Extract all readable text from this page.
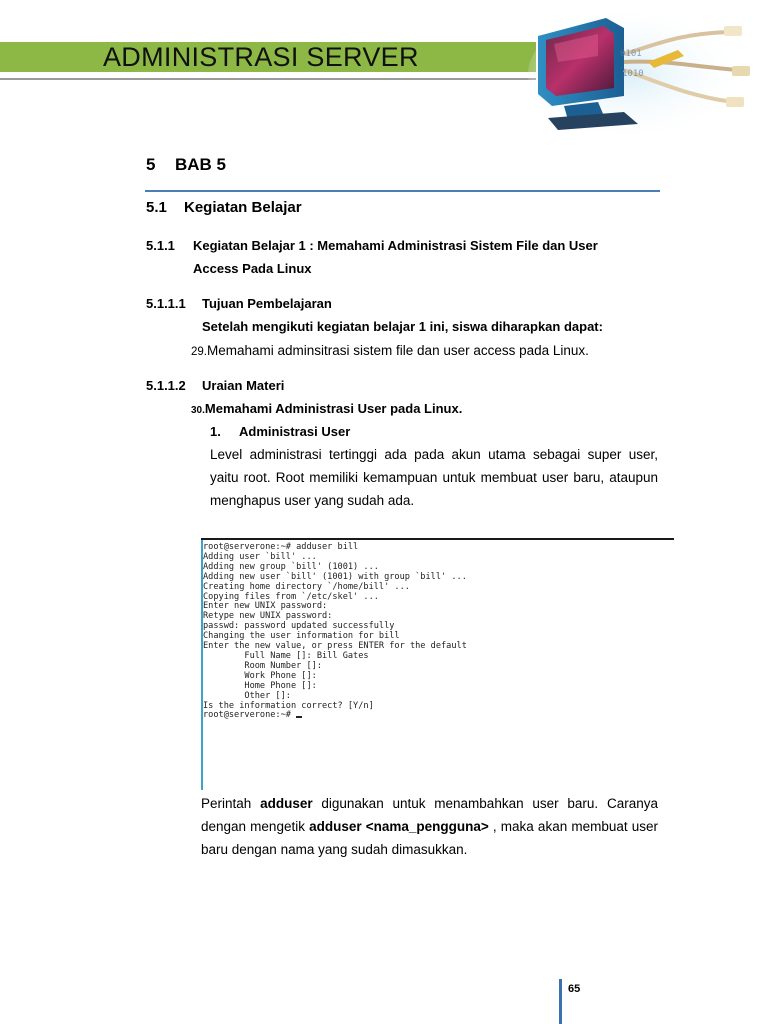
ADMINISTRASI SERVER	0101
1010
5 BAB 5
5.1 Kegiatan Belajar
5.1.1 Kegiatan Belajar 1 : Memahami Administrasi Sistem File dan User
Access Pada Linux
5.1.1.1 Tujuan Pembelajaran
Setelah mengikuti kegiatan belajar 1 ini, siswa diharapkan dapat:
29.Memahami adminsitrasi sistem file dan user access pada Linux.
5.1.1.2 Uraian Materi
30.Memahami Administrasi User pada Linux.
1. Administrasi User
Level administrasi tertinggi ada pada akun utama sebagai super user, yaitu root. Root memiliki kemampuan untuk membuat user baru, ataupun menghapus user yang sudah ada.
root@serverone:~# adduser bill
Adding user `bill' ...
Adding new group `bill' (1001) ...
Adding new user `bill' (1001) with group `bill' ...
Creating home directory `/home/bill' ...
Copying files from `/etc/skel' ...
Enter new UNIX password:
Retype new UNIX password:
passwd: password updated successfully
Changing the user information for bill
Enter the new value, or press ENTER for the default
Full Name []: Bill Gates
Room Number []:
Work Phone []:
Home Phone []:
Other []:
Is the information correct? [Y/n]
root@serverone:~#
Perintah adduser digunakan untuk menambahkan user baru. Caranya dengan mengetik adduser <nama_pengguna> , maka akan membuat user baru dengan nama yang sudah dimasukkan.
65
